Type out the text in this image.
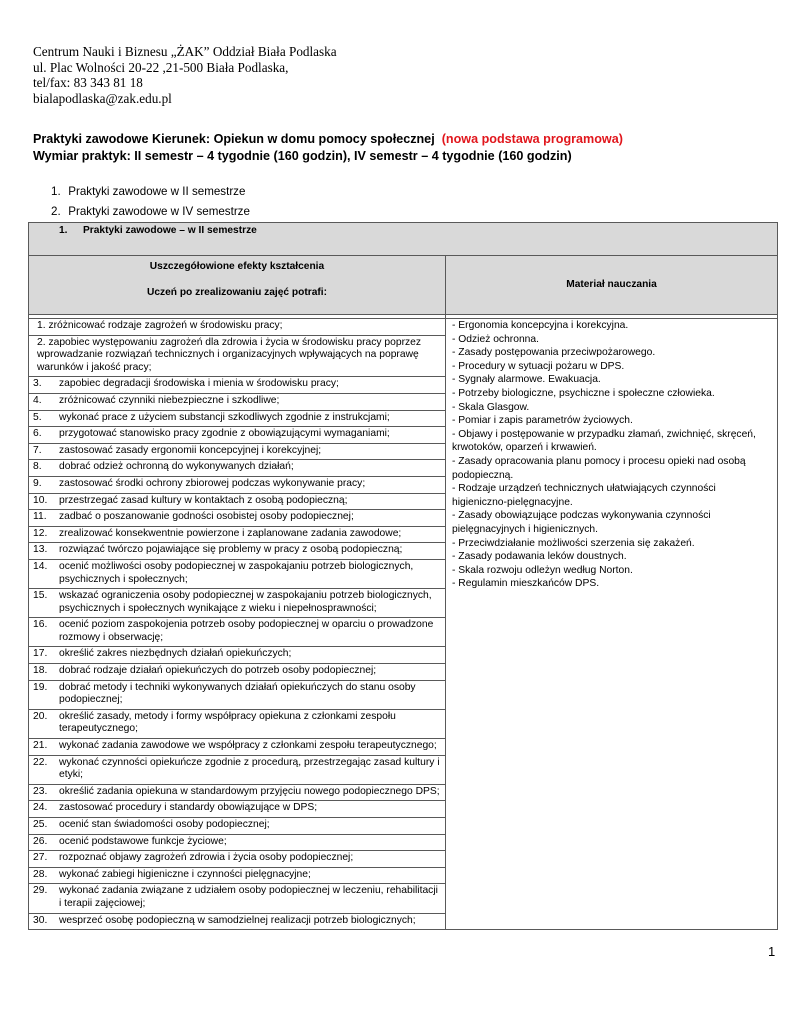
Centrum Nauki i Biznesu „ŻAK” Oddział Biała Podlaska
ul. Plac Wolności 20-22 ,21-500 Biała Podlaska,
tel/fax: 83 343 81 18
bialapodlaska@zak.edu.pl
Praktyki zawodowe Kierunek: Opiekun w domu pomocy społecznej (nowa podstawa programowa)
Wymiar praktyk: II semestr – 4 tygodnie (160 godzin), IV semestr – 4 tygodnie (160 godzin)
1. Praktyki zawodowe w II semestrze
2. Praktyki zawodowe w IV semestrze
1. Praktyki zawodowe – w II semestrze

Uszczegółowione efekty kształcenia
Uczeń po zrealizowaniu zajęć potrafi:
	Materiał nauczania

1. zróżnicować rodzaje zagrożeń w środowisku pracy;

2. zapobiec występowaniu zagrożeń dla zdrowia i życia w środowisku pracy poprzez wprowadzanie rozwiązań technicznych i organizacyjnych wpływających na poprawę warunków i jakość pracy;

3.	zapobiec degradacji środowiska i mienia w środowisku pracy;

4.	zróżnicować czynniki niebezpieczne i szkodliwe;

5.	wykonać prace z użyciem substancji szkodliwych zgodnie z instrukcjami;

6.	przygotować stanowisko pracy zgodnie z obowiązującymi wymaganiami;

7.	zastosować zasady ergonomii koncepcyjnej i korekcyjnej;

8.	dobrać odzież ochronną do wykonywanych działań;

9.	zastosować środki ochrony zbiorowej podczas wykonywanie pracy;

10.	przestrzegać zasad kultury w kontaktach z osobą podopieczną;

11.	zadbać o poszanowanie godności osobistej osoby podopiecznej;

12.	zrealizować konsekwentnie powierzone i zaplanowane zadania zawodowe;

13.	rozwiązać twórczo pojawiające się problemy w pracy z osobą podopieczną;

14.	ocenić możliwości osoby podopiecznej w zaspokajaniu potrzeb biologicznych, psychicznych i społecznych;

15.	wskazać ograniczenia osoby podopiecznej w zaspokajaniu potrzeb biologicznych, psychicznych i społecznych wynikające z wieku i niepełnosprawności;

16.	ocenić poziom zaspokojenia potrzeb osoby podopiecznej w oparciu o prowadzone rozmowy i obserwację;

17.	określić zakres niezbędnych działań opiekuńczych;

18.	dobrać rodzaje działań opiekuńczych do potrzeb osoby podopiecznej;

19.	dobrać metody i techniki wykonywanych działań opiekuńczych do stanu osoby podopiecznej;

20.	określić zasady, metody i formy współpracy opiekuna z członkami zespołu terapeutycznego;

21.	wykonać zadania zawodowe we współpracy z członkami zespołu terapeutycznego;

22.	wykonać czynności opiekuńcze zgodnie z procedurą, przestrzegając zasad kultury i etyki;

23.	określić zadania opiekuna w standardowym przyjęciu nowego podopiecznego DPS;

24.	zastosować procedury i standardy obowiązujące w DPS;

25.	ocenić stan świadomości osoby podopiecznej;

26.	ocenić podstawowe funkcje życiowe;

27.	rozpoznać objawy zagrożeń zdrowia i życia osoby podopiecznej;

28.	wykonać zabiegi higieniczne i czynności pielęgnacyjne;

29.	wykonać zadania związane z udziałem osoby podopiecznej w leczeniu, rehabilitacji i terapii zajęciowej;

30.	wesprzeć osobę podopieczną w samodzielnej realizacji potrzeb biologicznych;

- Ergonomia koncepcyjna i korekcyjna.
- Odzież ochronna.
- Zasady postępowania przeciwpożarowego.
- Procedury w sytuacji pożaru w DPS.
- Sygnały alarmowe. Ewakuacja.
- Potrzeby biologiczne, psychiczne i społeczne człowieka.
- Skala Glasgow.
- Pomiar i zapis parametrów życiowych.
- Objawy i postępowanie w przypadku złamań, zwichnięć, skręceń, krwotoków, oparzeń i krwawień.
- Zasady opracowania planu pomocy i procesu opieki nad osobą podopieczną.
- Rodzaje urządzeń technicznych ułatwiających czynności higieniczno-pielęgnacyjne.
- Zasady obowiązujące podczas wykonywania czynności pielęgnacyjnych i higienicznych.
- Przeciwdziałanie możliwości szerzenia się zakażeń.
- Zasady podawania leków doustnych.
- Skala rozwoju odleżyn według Norton.
- Regulamin mieszkańców DPS.
1
